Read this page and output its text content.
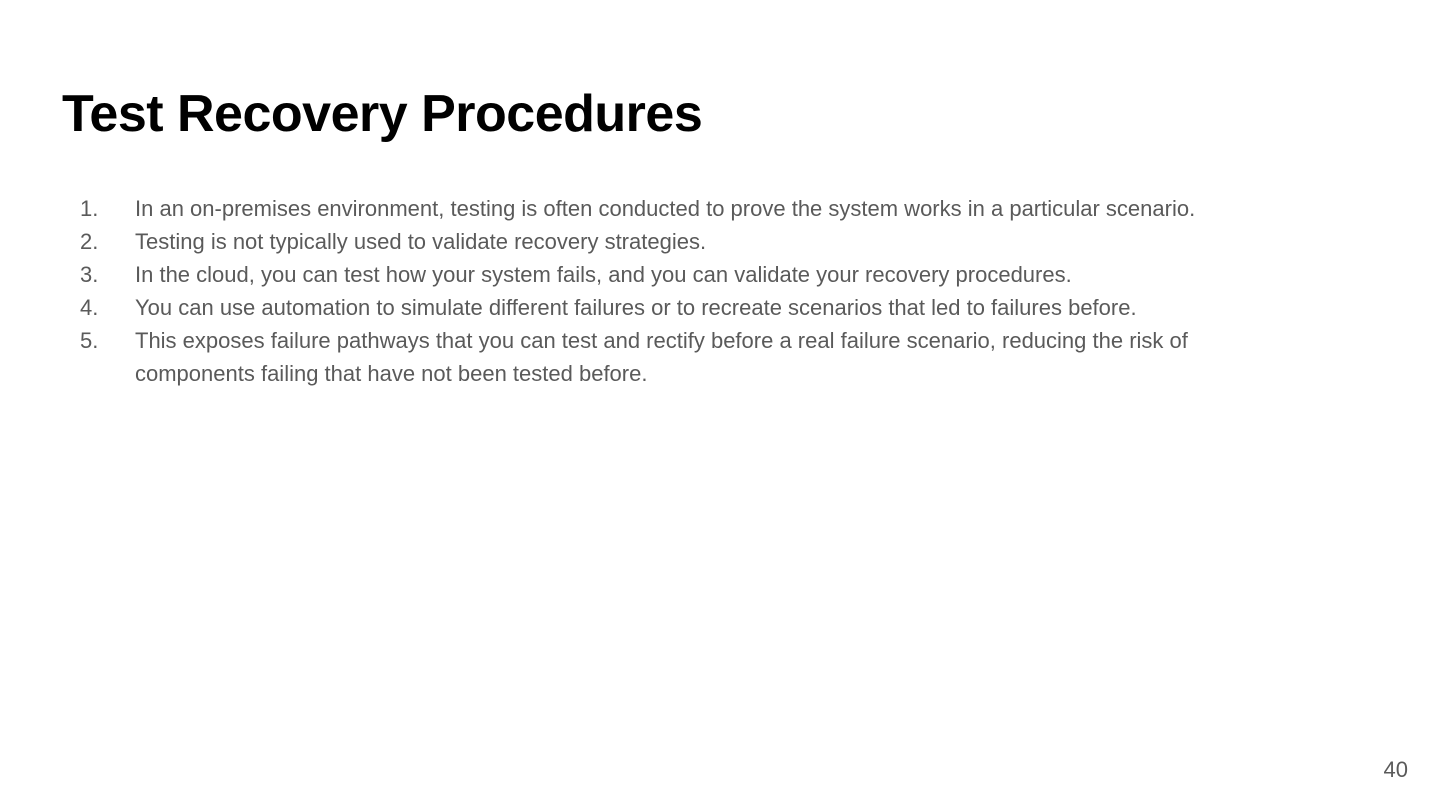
Test Recovery Procedures
1.	In an on-premises environment, testing is often conducted to prove the system works in a particular scenario.
2.	Testing is not typically used to validate recovery strategies.
3.	In the cloud, you can test how your system fails, and you can validate your recovery procedures.
4.	You can use automation to simulate different failures or to recreate scenarios that led to failures before.
5.	This exposes failure pathways that you can test and rectify before a real failure scenario, reducing the risk of components failing that have not been tested before.
40
